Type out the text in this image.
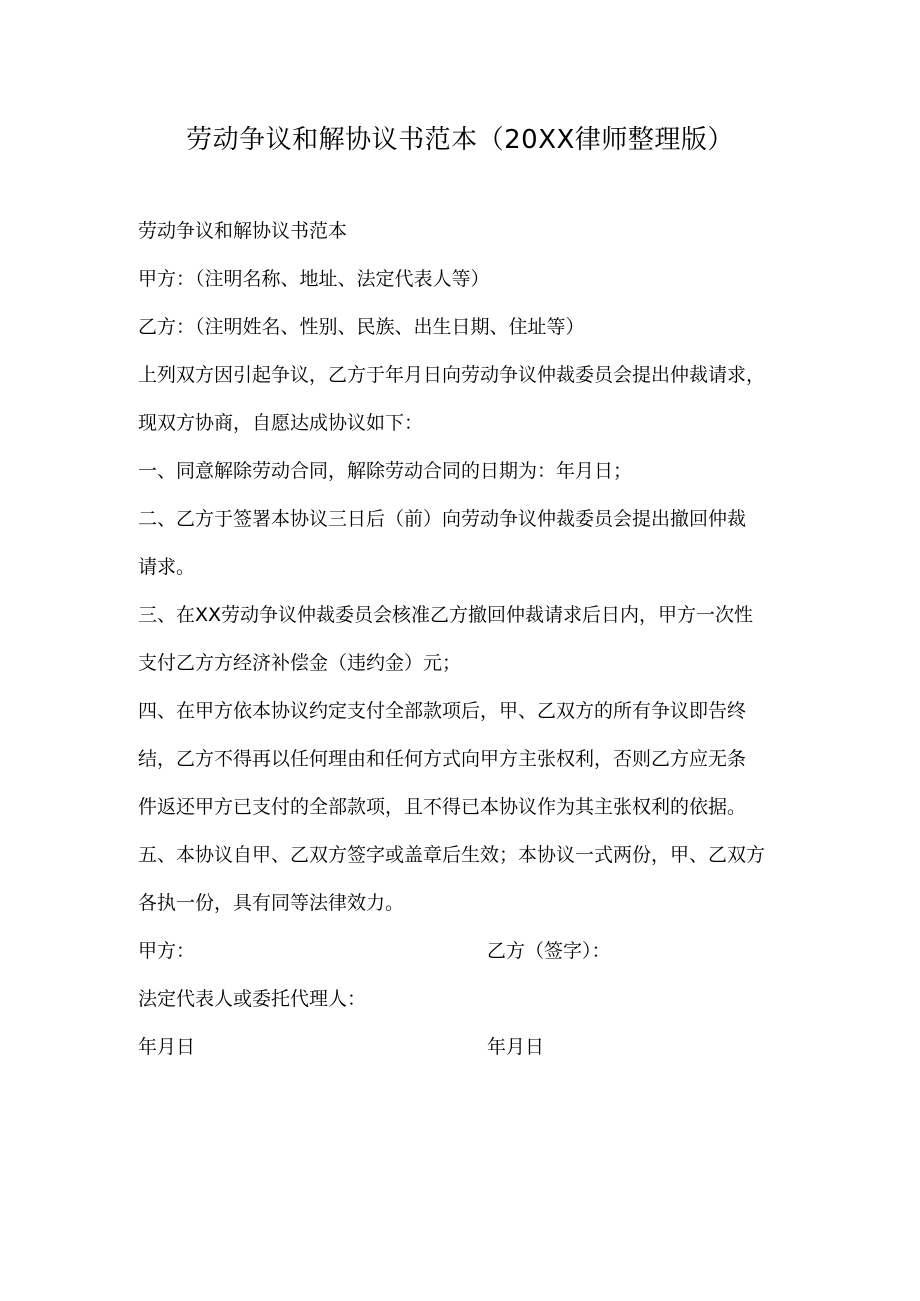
劳动争议和解协议书范本（20XX律师整理版）
劳动争议和解协议书范本
甲方：（注明名称、地址、法定代表人等）
乙方：（注明姓名、性别、民族、出生日期、住址等）
上列双方因引起争议，乙方于年月日向劳动争议仲裁委员会提出仲裁请求，
现双方协商，自愿达成协议如下：
一、同意解除劳动合同，解除劳动合同的日期为：年月日；
二、乙方于签署本协议三日后（前）向劳动争议仲裁委员会提出撤回仲裁
请求。
三、在XX劳动争议仲裁委员会核准乙方撤回仲裁请求后日内，甲方一次性
支付乙方方经济补偿金（违约金）元；
四、在甲方依本协议约定支付全部款项后，甲、乙双方的所有争议即告终
结，乙方不得再以任何理由和任何方式向甲方主张权利，否则乙方应无条
件返还甲方已支付的全部款项，且不得已本协议作为其主张权利的依据。
五、本协议自甲、乙双方签字或盖章后生效；本协议一式两份，甲、乙双方
各执一份，具有同等法律效力。
甲方：	乙方（签字）：
法定代表人或委托代理人：
年月日	年月日
